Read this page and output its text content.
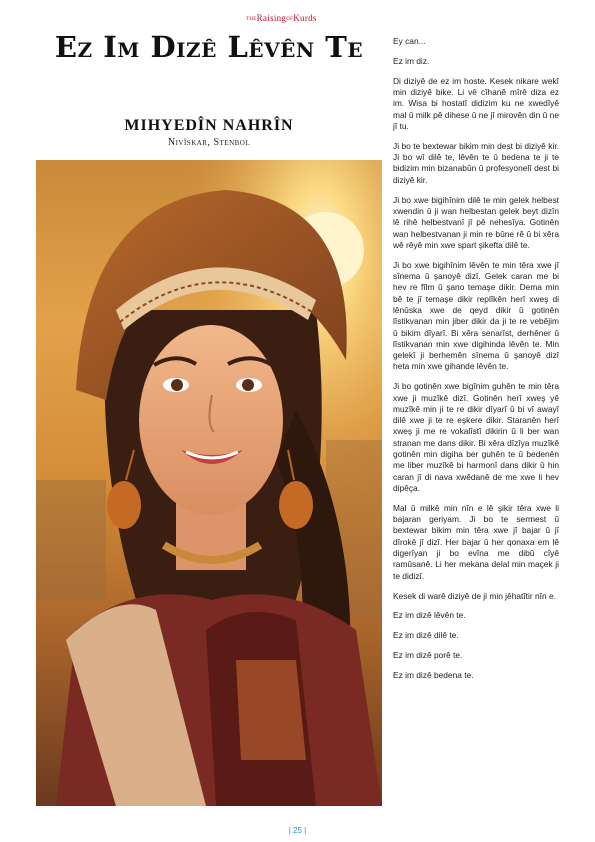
THERaisingOFKurds
Ez Im Dizê Lêvên Te
MIHYEDÎN NAHRÎN
Nivîskar, Stenbol

Ey can...

Ez im diz.

Di diziyê de ez im hoste. Kesek nikare wekî min diziyê bike. Li vê cîhanê mîrê diza ez im. Wisa bi hostatî didizim ku ne xwedîyê mal û milk pê dihese û ne jî mirovên din û ne jî tu.

Ji bo te bextewar bikim min dest bi diziyê kir. Ji bo wî dilê te, lêvên te û bedena te ji te bidizim min bizanabûn û profesyonelî dest bi diziyê kir.

Ji bo xwe bigihînim dilê te min gelek helbest xwendin û ji wan helbestan gelek beyt dizîn lê rihê helbestvanî jî pê nehesîya. Gotinên wan helbestvanan ji min re bûne rê û bi xêra wê rêyê min xwe spart şikefta dilê te.

Ji bo xwe bigihînim lêvên te min têra xwe jî sînema û şanoyê dizî. Gelek caran me bi hev re fîlm û şano temaşe dikir. Dema min bê te jî temaşe dikir replîkên herî xweş di lênûska xwe de qeyd dikir û gotinên lîstikvanan min jiber dikir da ji te re vebêjim û bikim dîyarî. Bi xêra senarîst, derhêner û lîstikvanan min xwe digihinda lêvên te. Min gelekî ji berhemên sînema û şanoyê dizî heta min xwe gihande lêvên te.

Ji bo gotinên xwe bigînim guhên te min têra xwe ji muzîkê dizî. Gotinên herî xweş yê muzîkê min ji te re dikir dîyarî û bi vî awayî dilê xwe ji te re eşkere dikir. Staranên herî xweş ji me re vokalîstî dikirin û li ber wan stranan me dans dikir. Bi xêra dîzîya muzîkê gotinên min digiha ber guhên te û bedenên me liber muzîkê bi harmonî dans dikir û hin caran jî di nava xwêdanê de me xwe li hev dipêça.

Mal û milkê min nîn e lê şikir têra xwe li bajaran geriyam. Ji bo te sermest û bextewar bikim min têra xwe jî bajar û jî dîrokê jî dizî. Her bajar û her qonaxa em lê digerîyan ji bo evîna me dibû cîyê ramûsanê. Li her mekana delal min maçek ji te didizî.

Kesek di warê diziyê de ji min jêhatîtir nîn e.

Ez im dizê lêvên te.

Ez im dizê dilê te.

Ez im dizê porê te.

Ez im dizê bedena te.

| 25 |
